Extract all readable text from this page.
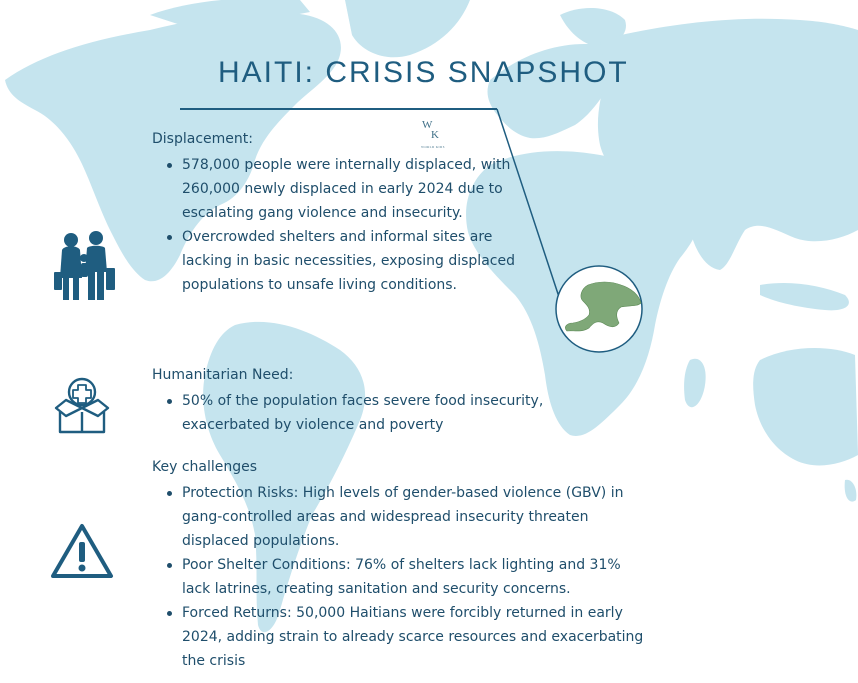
HAITI: CRISIS SNAPSHOT
W
K
WORLD KIDS
Displacement:
578,000 people were internally displaced, with 260,000 newly displaced in early 2024 due to escalating gang violence and insecurity.
Overcrowded shelters and informal sites are lacking in basic necessities, exposing displaced populations to unsafe living conditions.
Humanitarian Need:
50% of the population faces severe food insecurity, exacerbated by violence and poverty
Key challenges
Protection Risks: High levels of gender-based violence (GBV) in gang-controlled areas and widespread insecurity threaten displaced populations.
Poor Shelter Conditions: 76% of shelters lack lighting and 31% lack latrines, creating sanitation and security concerns.
Forced Returns: 50,000 Haitians were forcibly returned in early 2024, adding strain to already scarce resources and exacerbating the crisis
